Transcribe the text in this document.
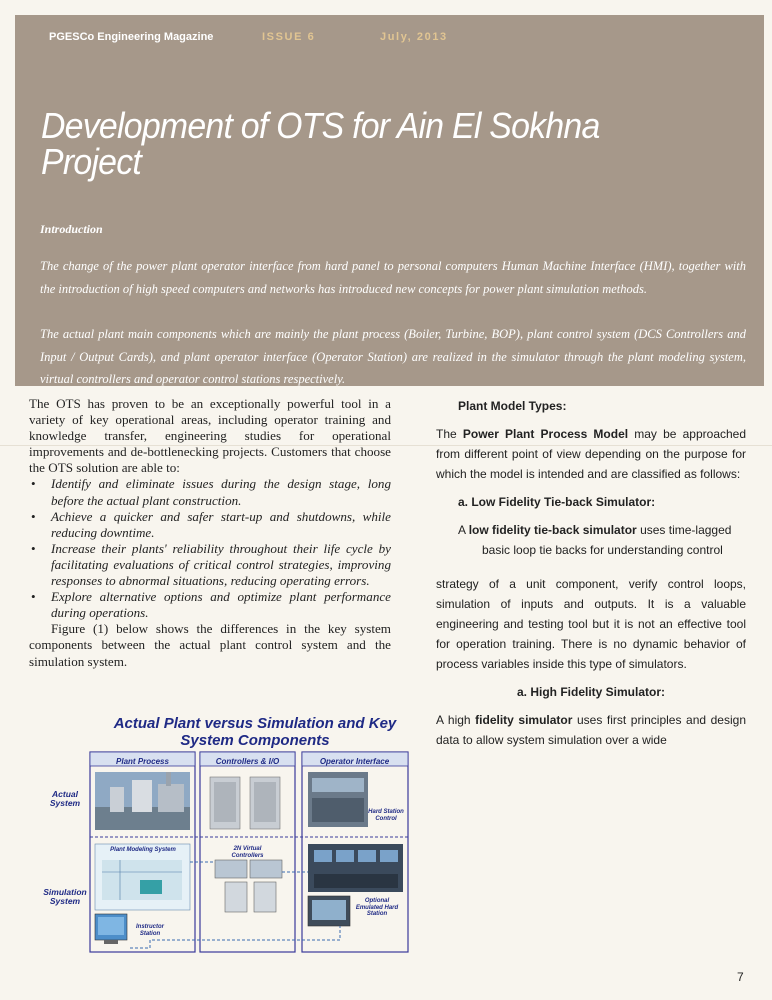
PGESCo Engineering Magazine	ISSUE 6	July, 2013
Development of OTS for Ain El Sokhna Project
Introduction
The change of the power plant operator interface from hard panel to personal computers Human Machine Interface (HMI), together with the introduction of high speed computers and networks has introduced new concepts for power plant simulation methods.
The actual plant main components which are mainly the plant process (Boiler, Turbine, BOP), plant control system (DCS Controllers and Input / Output Cards), and plant operator interface (Operator Station) are realized in the simulator through the plant modeling system, virtual controllers and operator control stations respectively.

The OTS has proven to be an exceptionally powerful tool in a variety of key operational areas, including operator training and knowledge transfer, engineering studies for operational improvements and de-bottlenecking projects. Customers that choose the OTS solution are able to:

• Identify and eliminate issues during the design stage, long before the actual plant construction.
• Achieve a quicker and safer start-up and shutdowns, while reducing downtime.
• Increase their plants' reliability throughout their life cycle by facilitating evaluations of critical control strategies, improving responses to abnormal situations, reducing operating errors.
• Explore alternative options and optimize plant performance during operations.

Figure (1) below shows the differences in the key system components between the actual plant control system and the simulation system.

Actual Plant versus Simulation and Key System Components
Plant Process	Controllers & I/O	Operator Interface
Actual System
Simulation System
Hard Station Control
Plant Modeling System	2N Virtual Controllers
Optional Emulated Hard Station
Instructor Station
Plant Model Types:

The Power Plant Process Model may be approached from different point of view depending on the purpose for which the model is intended and are classified as follows:

a. Low Fidelity Tie-back Simulator:

A low fidelity tie-back simulator uses time-lagged

basic loop tie backs for understanding control

strategy of a unit component, verify control loops, simulation of inputs and outputs. It is a valuable engineering and testing tool but it is not an effective tool for operation training. There is no dynamic behavior of process variables inside this type of simulators.

a. High Fidelity Simulator:

A high fidelity simulator uses first principles and design data to allow system simulation over a wide

7
